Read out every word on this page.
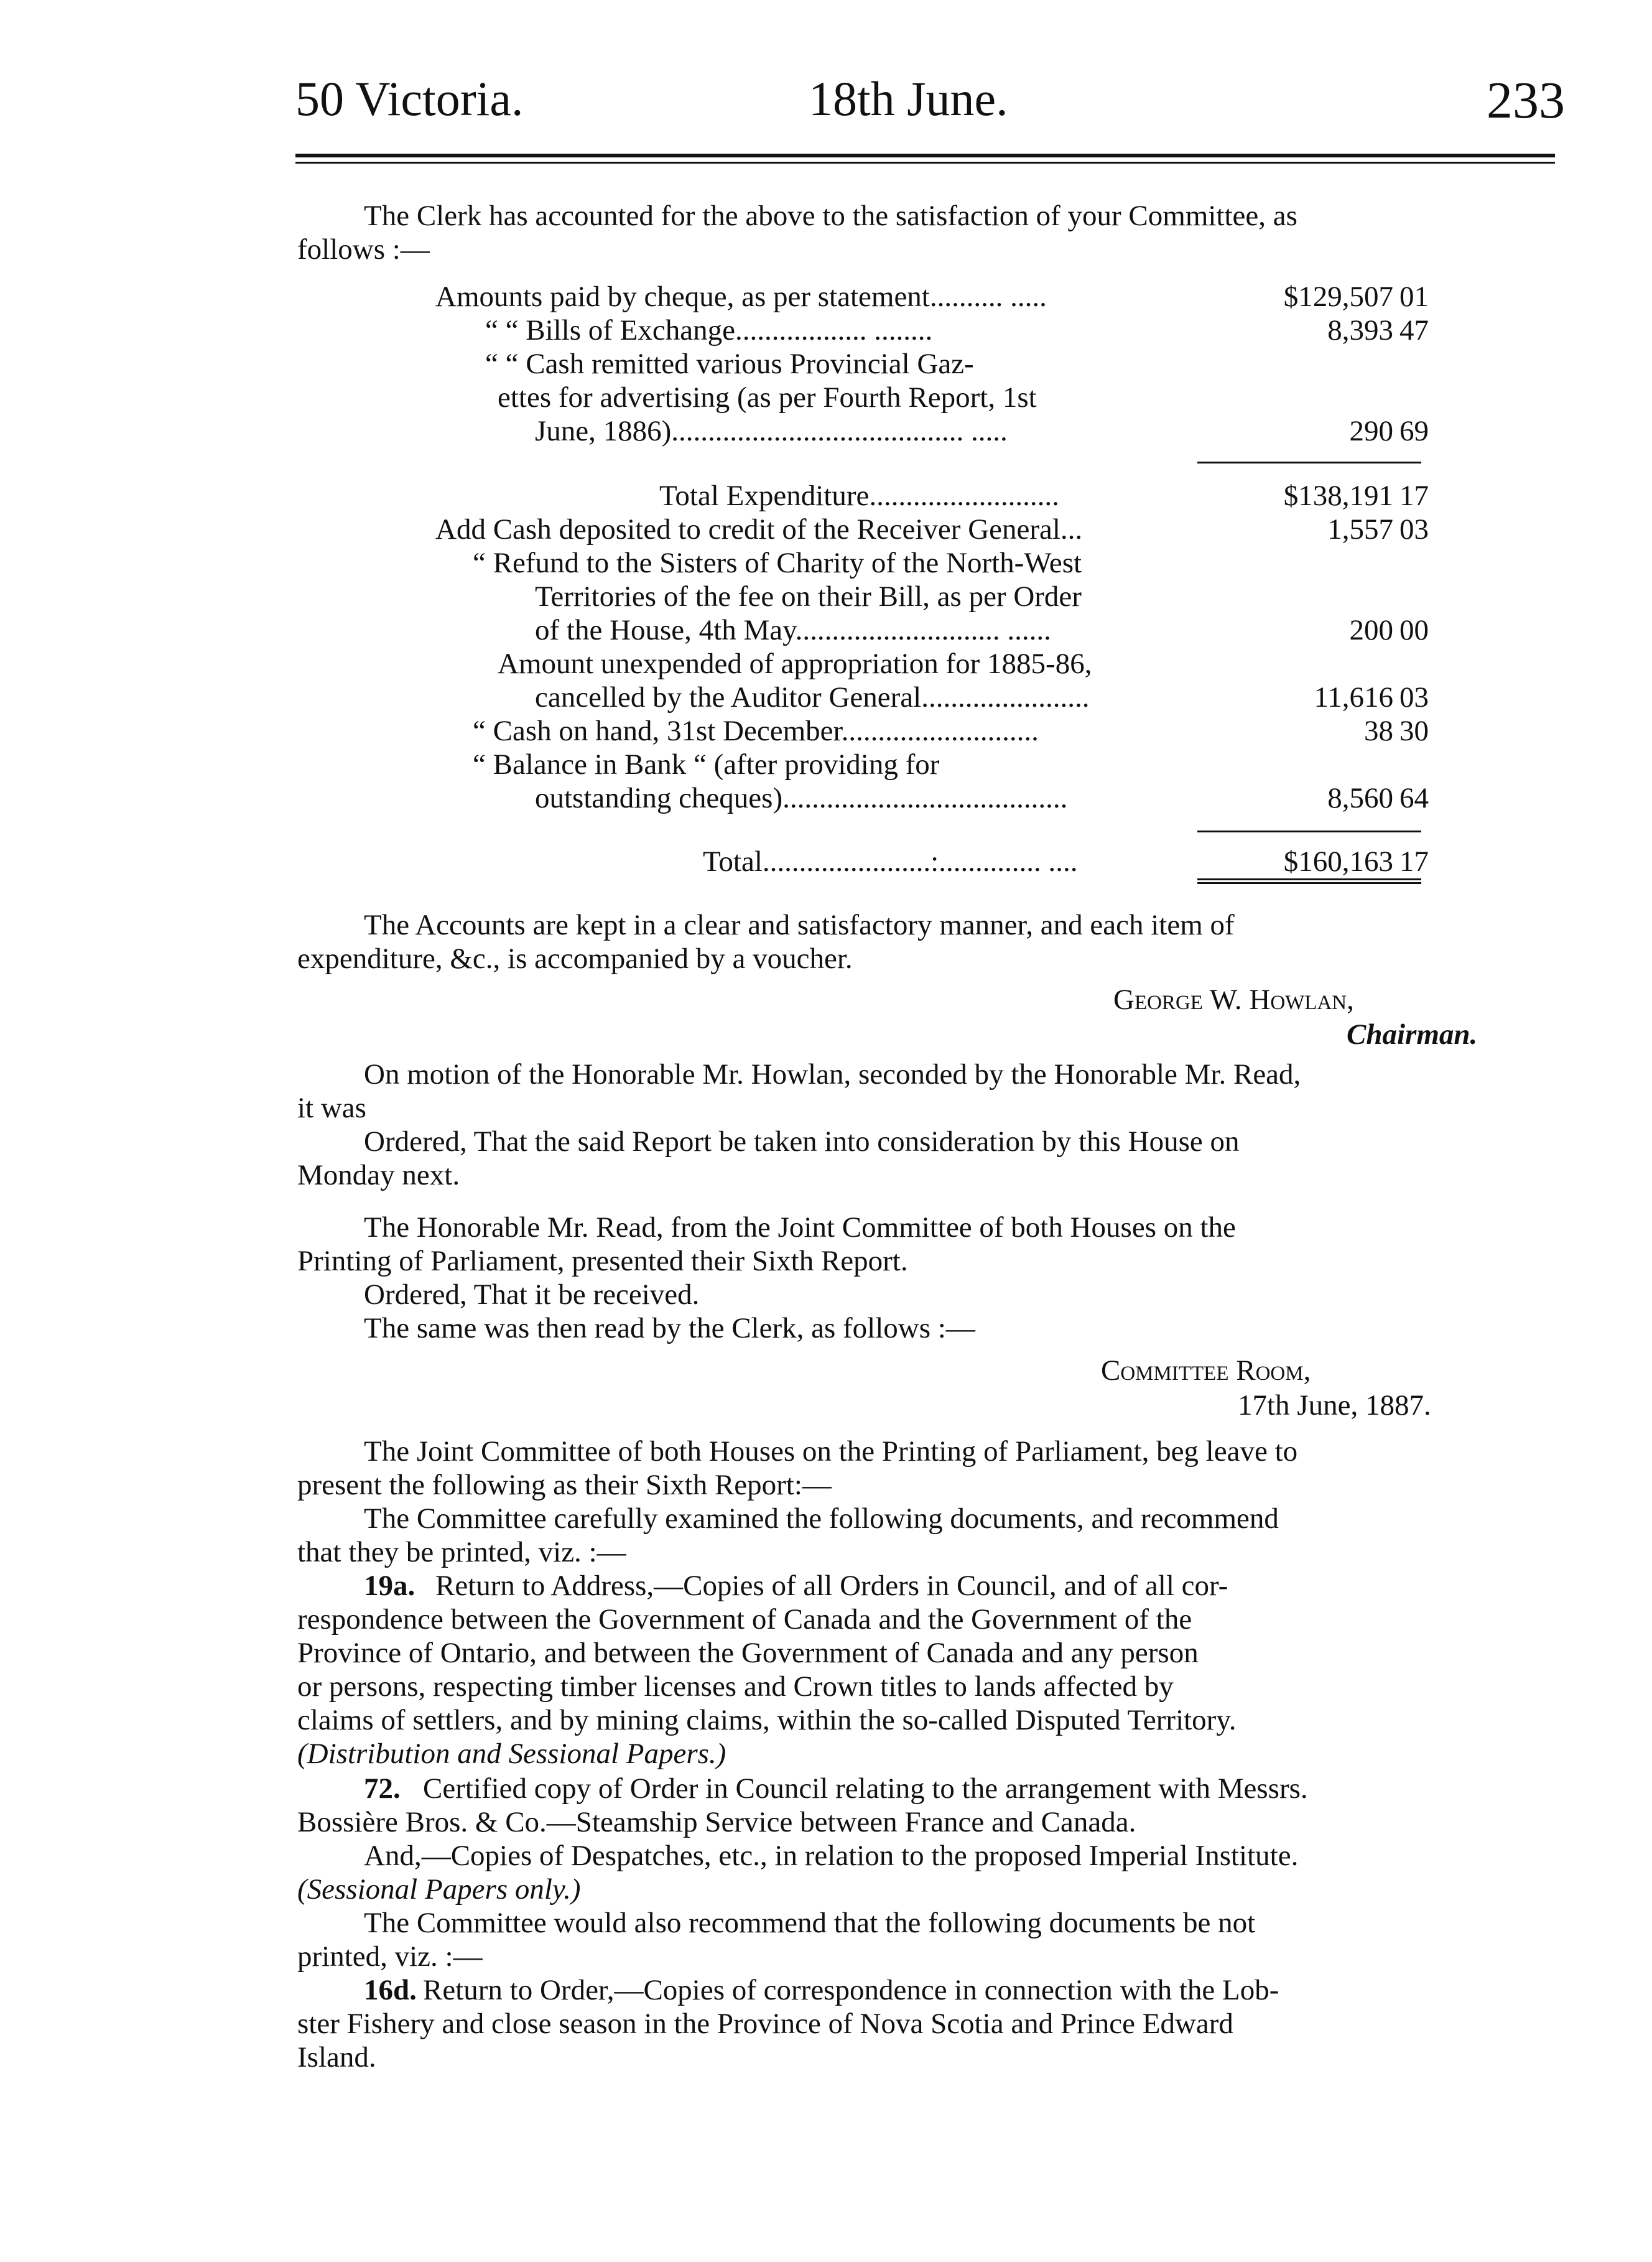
50 Victoria.	18th June.	233
The Clerk has accounted for the above to the satisfaction of your Committee, as
follows :—
Amounts paid by cheque, as per statement.......... .....	$129,507 01
“ “ Bills of Exchange.................. ........	8,393 47
“ “ Cash remitted various Provincial Gaz-
ettes for advertising (as per Fourth Report, 1st
June, 1886)........................................ .....	290 69
Total Expenditure..........................	$138,191 17
Add Cash deposited to credit of the Receiver General...	1,557 03
“ Refund to the Sisters of Charity of the North-West
Territories of the fee on their Bill, as per Order
of the House, 4th May............................ ......	200 00
Amount unexpended of appropriation for 1885-86,
cancelled by the Auditor General.......................	11,616 03
“ Cash on hand, 31st December...........................	38 30
“ Balance in Bank “ (after providing for
outstanding cheques).......................................	8,560 64
Total.......................:.............. ....	$160,163 17
The Accounts are kept in a clear and satisfactory manner, and each item of
expenditure, &c., is accompanied by a voucher.
George W. Howlan,
Chairman.
On motion of the Honorable Mr. Howlan, seconded by the Honorable Mr. Read,
it was
Ordered, That the said Report be taken into consideration by this House on
Monday next.
The Honorable Mr. Read, from the Joint Committee of both Houses on the
Printing of Parliament, presented their Sixth Report.
Ordered, That it be received.
The same was then read by the Clerk, as follows :—
Committee Room,
17th June, 1887.
The Joint Committee of both Houses on the Printing of Parliament, beg leave to
present the following as their Sixth Report:—
The Committee carefully examined the following documents, and recommend
that they be printed, viz. :—
19a. Return to Address,—Copies of all Orders in Council, and of all cor-
respondence between the Government of Canada and the Government of the
Province of Ontario, and between the Government of Canada and any person
or persons, respecting timber licenses and Crown titles to lands affected by
claims of settlers, and by mining claims, within the so-called Disputed Territory.
(Distribution and Sessional Papers.)
72. Certified copy of Order in Council relating to the arrangement with Messrs.
Bossière Bros. & Co.—Steamship Service between France and Canada.
And,—Copies of Despatches, etc., in relation to the proposed Imperial Institute.
(Sessional Papers only.)
The Committee would also recommend that the following documents be not
printed, viz. :—
16d. Return to Order,—Copies of correspondence in connection with the Lob-
ster Fishery and close season in the Province of Nova Scotia and Prince Edward
Island.
